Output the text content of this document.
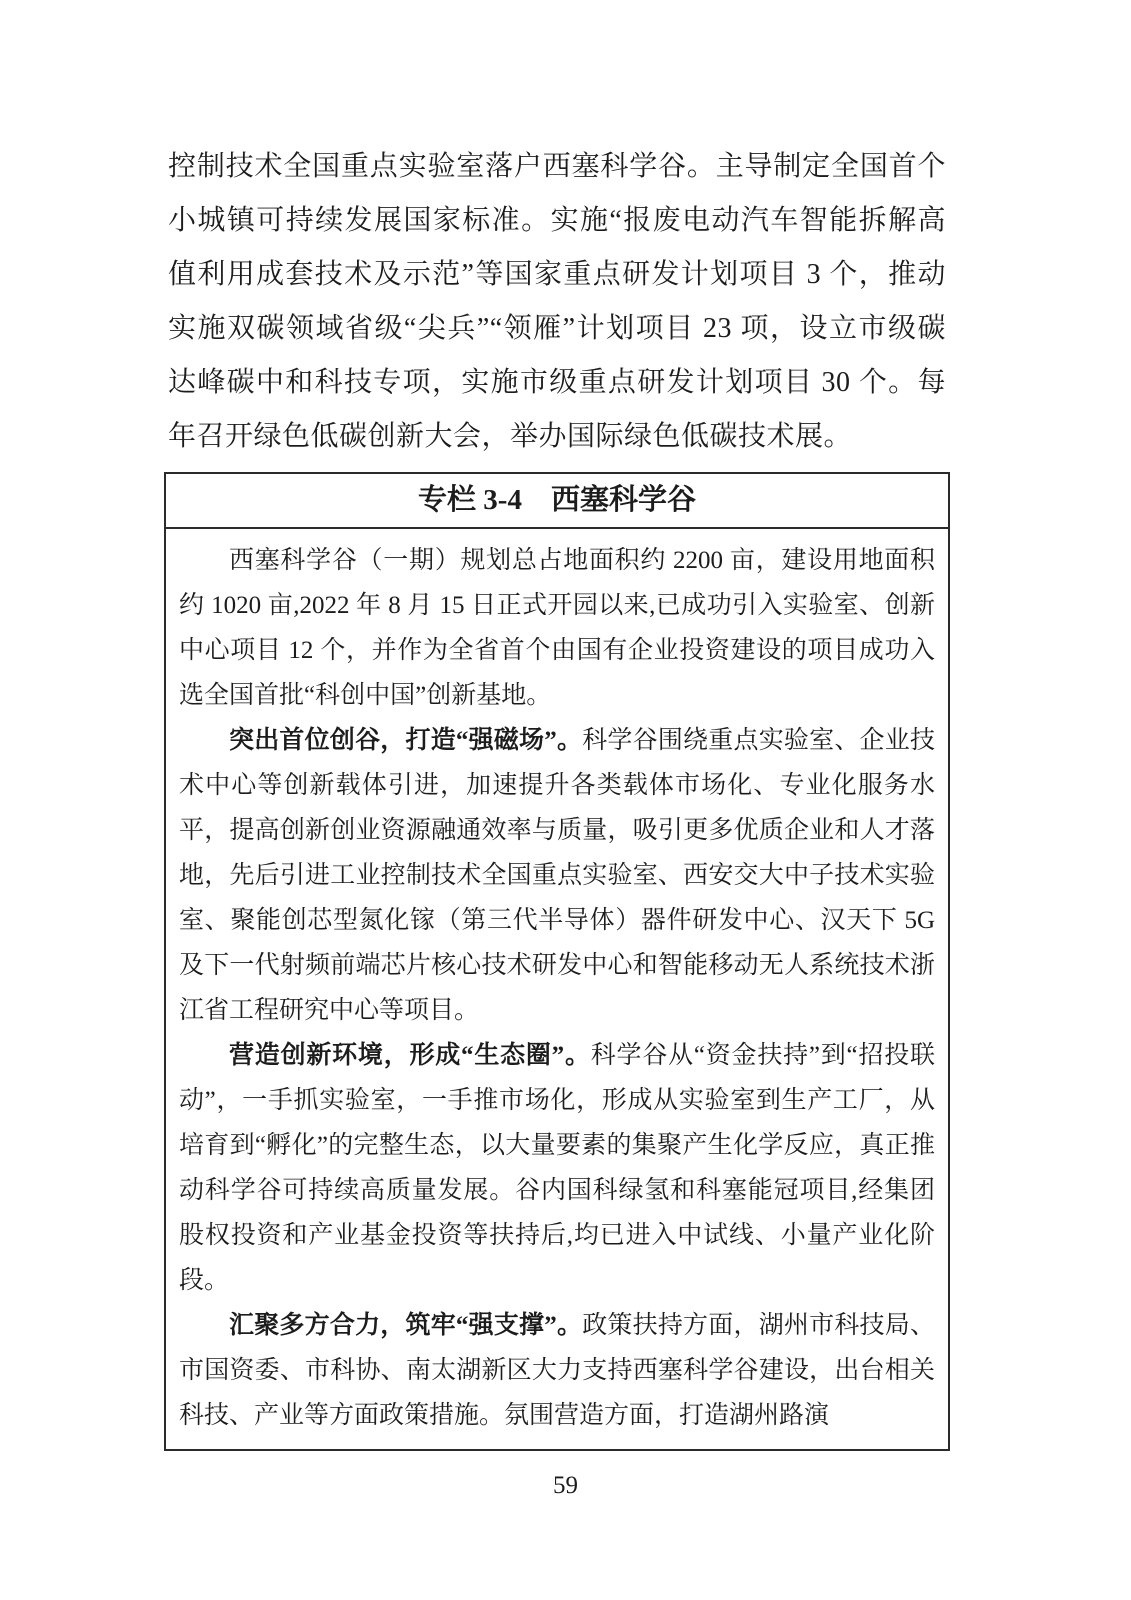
控制技术全国重点实验室落户西塞科学谷。主导制定全国首个小城镇可持续发展国家标准。实施“报废电动汽车智能拆解高值利用成套技术及示范”等国家重点研发计划项目 3 个，推动实施双碳领域省级“尖兵”“领雁”计划项目 23 项，设立市级碳达峰碳中和科技专项，实施市级重点研发计划项目 30 个。每年召开绿色低碳创新大会，举办国际绿色低碳技术展。

专栏 3-4　西塞科学谷

西塞科学谷（一期）规划总占地面积约 2200 亩，建设用地面积约 1020 亩,2022 年 8 月 15 日正式开园以来,已成功引入实验室、创新中心项目 12 个，并作为全省首个由国有企业投资建设的项目成功入选全国首批“科创中国”创新基地。

突出首位创谷，打造“强磁场”。科学谷围绕重点实验室、企业技术中心等创新载体引进，加速提升各类载体市场化、专业化服务水平，提高创新创业资源融通效率与质量，吸引更多优质企业和人才落地，先后引进工业控制技术全国重点实验室、西安交大中子技术实验室、聚能创芯型氮化镓（第三代半导体）器件研发中心、汉天下 5G 及下一代射频前端芯片核心技术研发中心和智能移动无人系统技术浙江省工程研究中心等项目。

营造创新环境，形成“生态圈”。科学谷从“资金扶持”到“招投联动”，一手抓实验室，一手推市场化，形成从实验室到生产工厂，从培育到“孵化”的完整生态，以大量要素的集聚产生化学反应，真正推动科学谷可持续高质量发展。谷内国科绿氢和科塞能冠项目,经集团股权投资和产业基金投资等扶持后,均已进入中试线、小量产业化阶段。

汇聚多方合力，筑牢“强支撑”。政策扶持方面，湖州市科技局、市国资委、市科协、南太湖新区大力支持西塞科学谷建设，出台相关科技、产业等方面政策措施。氛围营造方面，打造湖州路演

59
